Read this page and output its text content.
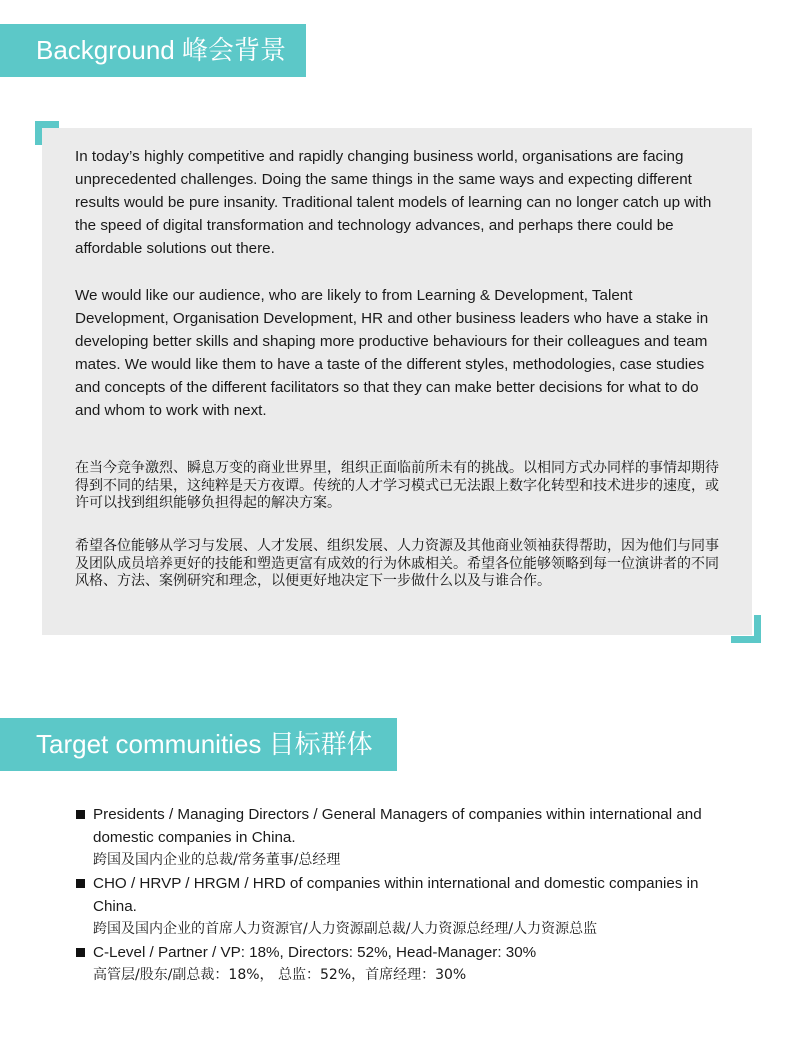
Background 峰会背景

In today’s highly competitive and rapidly changing business world, organisations are facing unprecedented challenges. Doing the same things in the same ways and expecting different results would be pure insanity. Traditional talent models of learning can no longer catch up with the speed of digital transformation and technology advances, and perhaps there could be affordable solutions out there.

We would like our audience, who are likely to from Learning & Development, Talent Development, Organisation Development, HR and other business leaders who have a stake in developing better skills and shaping more productive behaviours for their colleagues and team mates. We would like them to have a taste of the different styles, methodologies, case studies and concepts of the different facilitators so that they can make better decisions for what to do and whom to work with next.

在当今竞争激烈、瞬息万变的商业世界里，组织正面临前所未有的挑战。以相同方式办同样的事情却期待得到不同的结果，这纯粹是天方夜谭。传统的人才学习模式已无法跟上数字化转型和技术进步的速度，或许可以找到组织能够负担得起的解决方案。

希望各位能够从学习与发展、人才发展、组织发展、人力资源及其他商业领袖获得帮助，因为他们与同事及团队成员培养更好的技能和塑造更富有成效的行为休戚相关。希望各位能够领略到每一位演讲者的不同风格、方法、案例研究和理念，以便更好地决定下一步做什么以及与谁合作。

Target communities 目标群体
Presidents / Managing Directors / General Managers of companies within international and domestic companies in China.
跨国及国内企业的总裁/常务董事/总经理
CHO / HRVP / HRGM / HRD of companies within international and domestic companies in China.
跨国及国内企业的首席人力资源官/人力资源副总裁/人力资源总经理/人力资源总监
C-Level / Partner / VP: 18%, Directors: 52%, Head-Manager: 30%
高管层/股东/副总裁：18%， 总监：52%，首席经理：30%
